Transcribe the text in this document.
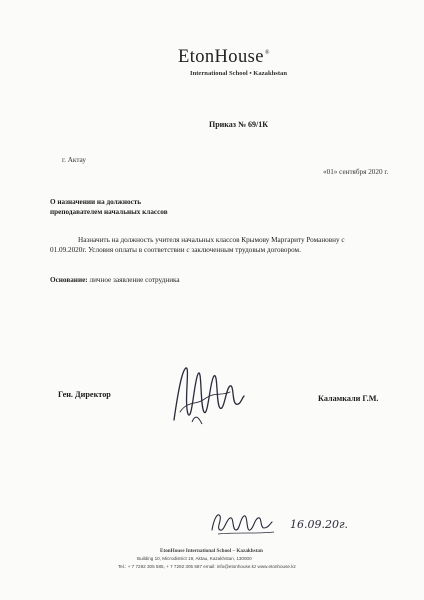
EtonHouse®
International School • Kazakhstan
Приказ № 69/1К
г. Актау
«01» сентября 2020 г.
О назначении на должность
преподавателем начальных классов
Назначить на должность учителя начальных классов Крымову Маргариту Романовну с
01.09.2020г. Условия оплаты в соответствии с заключенным трудовым договором.
Основание: личное заявление сотрудника
Ген. Директор	Каламкали Г.М.
16.09.20г.
EtonHouse International School – Kazakhstan
Building 10, Microdistrict 19, Aktau, Kazakhstan, 130000
Tel.: + 7 7292 305 585, + 7 7292 305 587 email: info@etonhouse.kz www.etonhouse.kz
